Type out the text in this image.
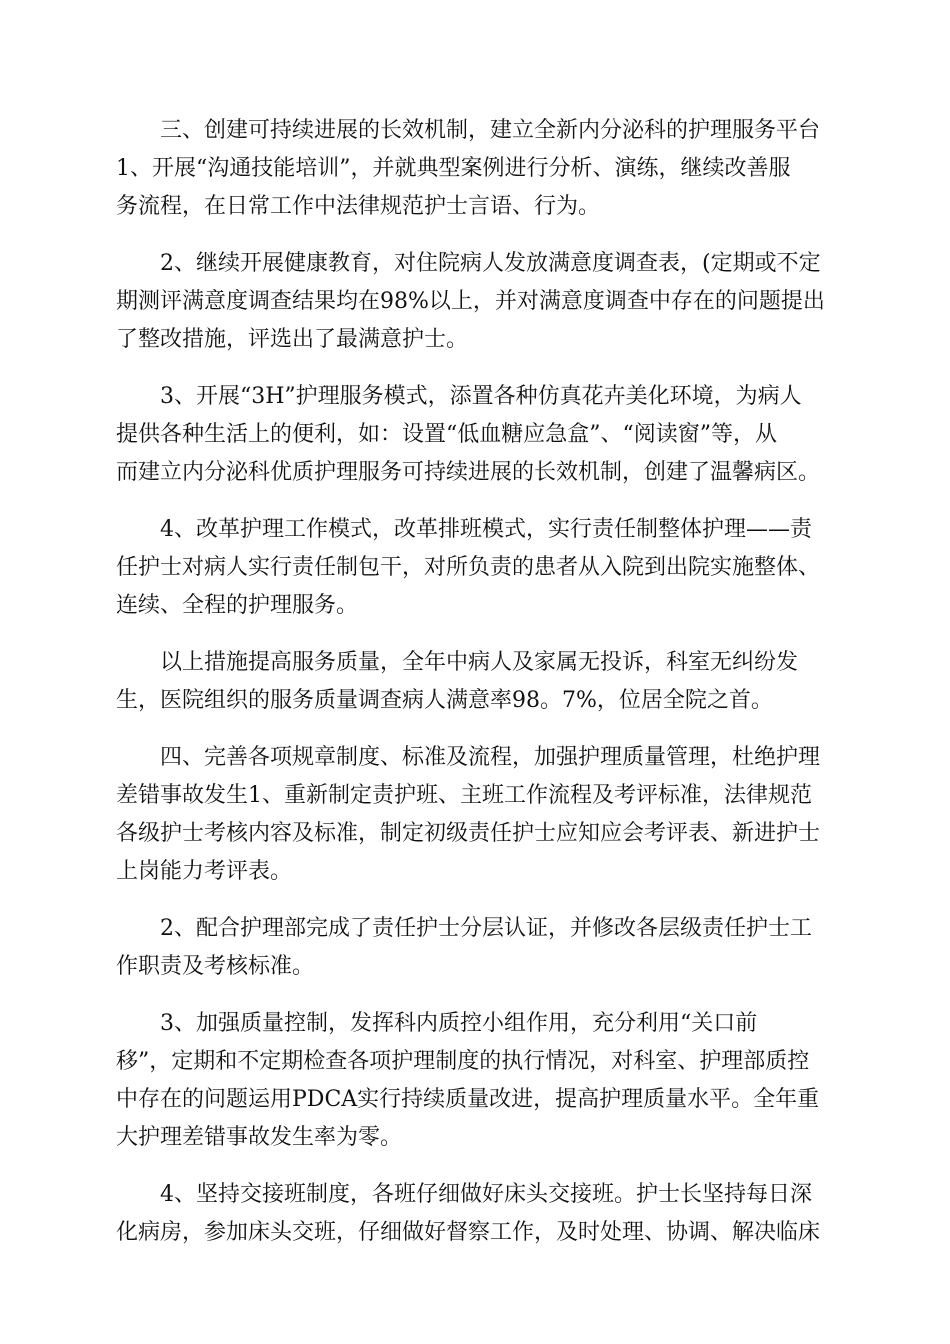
三、创建可持续进展的长效机制，建立全新内分泌科的护理服务平台
1、开展“沟通技能培训”，并就典型案例进行分析、演练，继续改善服
务流程，在日常工作中法律规范护士言语、行为。

2、继续开展健康教育，对住院病人发放满意度调查表，(定期或不定
期测评满意度调查结果均在98%以上，并对满意度调查中存在的问题提出
了整改措施，评选出了最满意护士。

3、开展“3H”护理服务模式，添置各种仿真花卉美化环境，为病人
提供各种生活上的便利，如：设置“低血糖应急盒”、“阅读窗”等，从
而建立内分泌科优质护理服务可持续进展的长效机制，创建了温馨病区。

4、改革护理工作模式，改革排班模式，实行责任制整体护理——责
任护士对病人实行责任制包干，对所负责的患者从入院到出院实施整体、
连续、全程的护理服务。

以上措施提高服务质量，全年中病人及家属无投诉，科室无纠纷发
生，医院组织的服务质量调查病人满意率98。7%，位居全院之首。

四、完善各项规章制度、标准及流程，加强护理质量管理，杜绝护理
差错事故发生1、重新制定责护班、主班工作流程及考评标准，法律规范
各级护士考核内容及标准，制定初级责任护士应知应会考评表、新进护士
上岗能力考评表。

2、配合护理部完成了责任护士分层认证，并修改各层级责任护士工
作职责及考核标准。

3、加强质量控制，发挥科内质控小组作用，充分利用“关口前
移”，定期和不定期检查各项护理制度的执行情况，对科室、护理部质控
中存在的问题运用PDCA实行持续质量改进，提高护理质量水平。全年重
大护理差错事故发生率为零。

4、坚持交接班制度，各班仔细做好床头交接班。护士长坚持每日深
化病房，参加床头交班，仔细做好督察工作，及时处理、协调、解决临床
